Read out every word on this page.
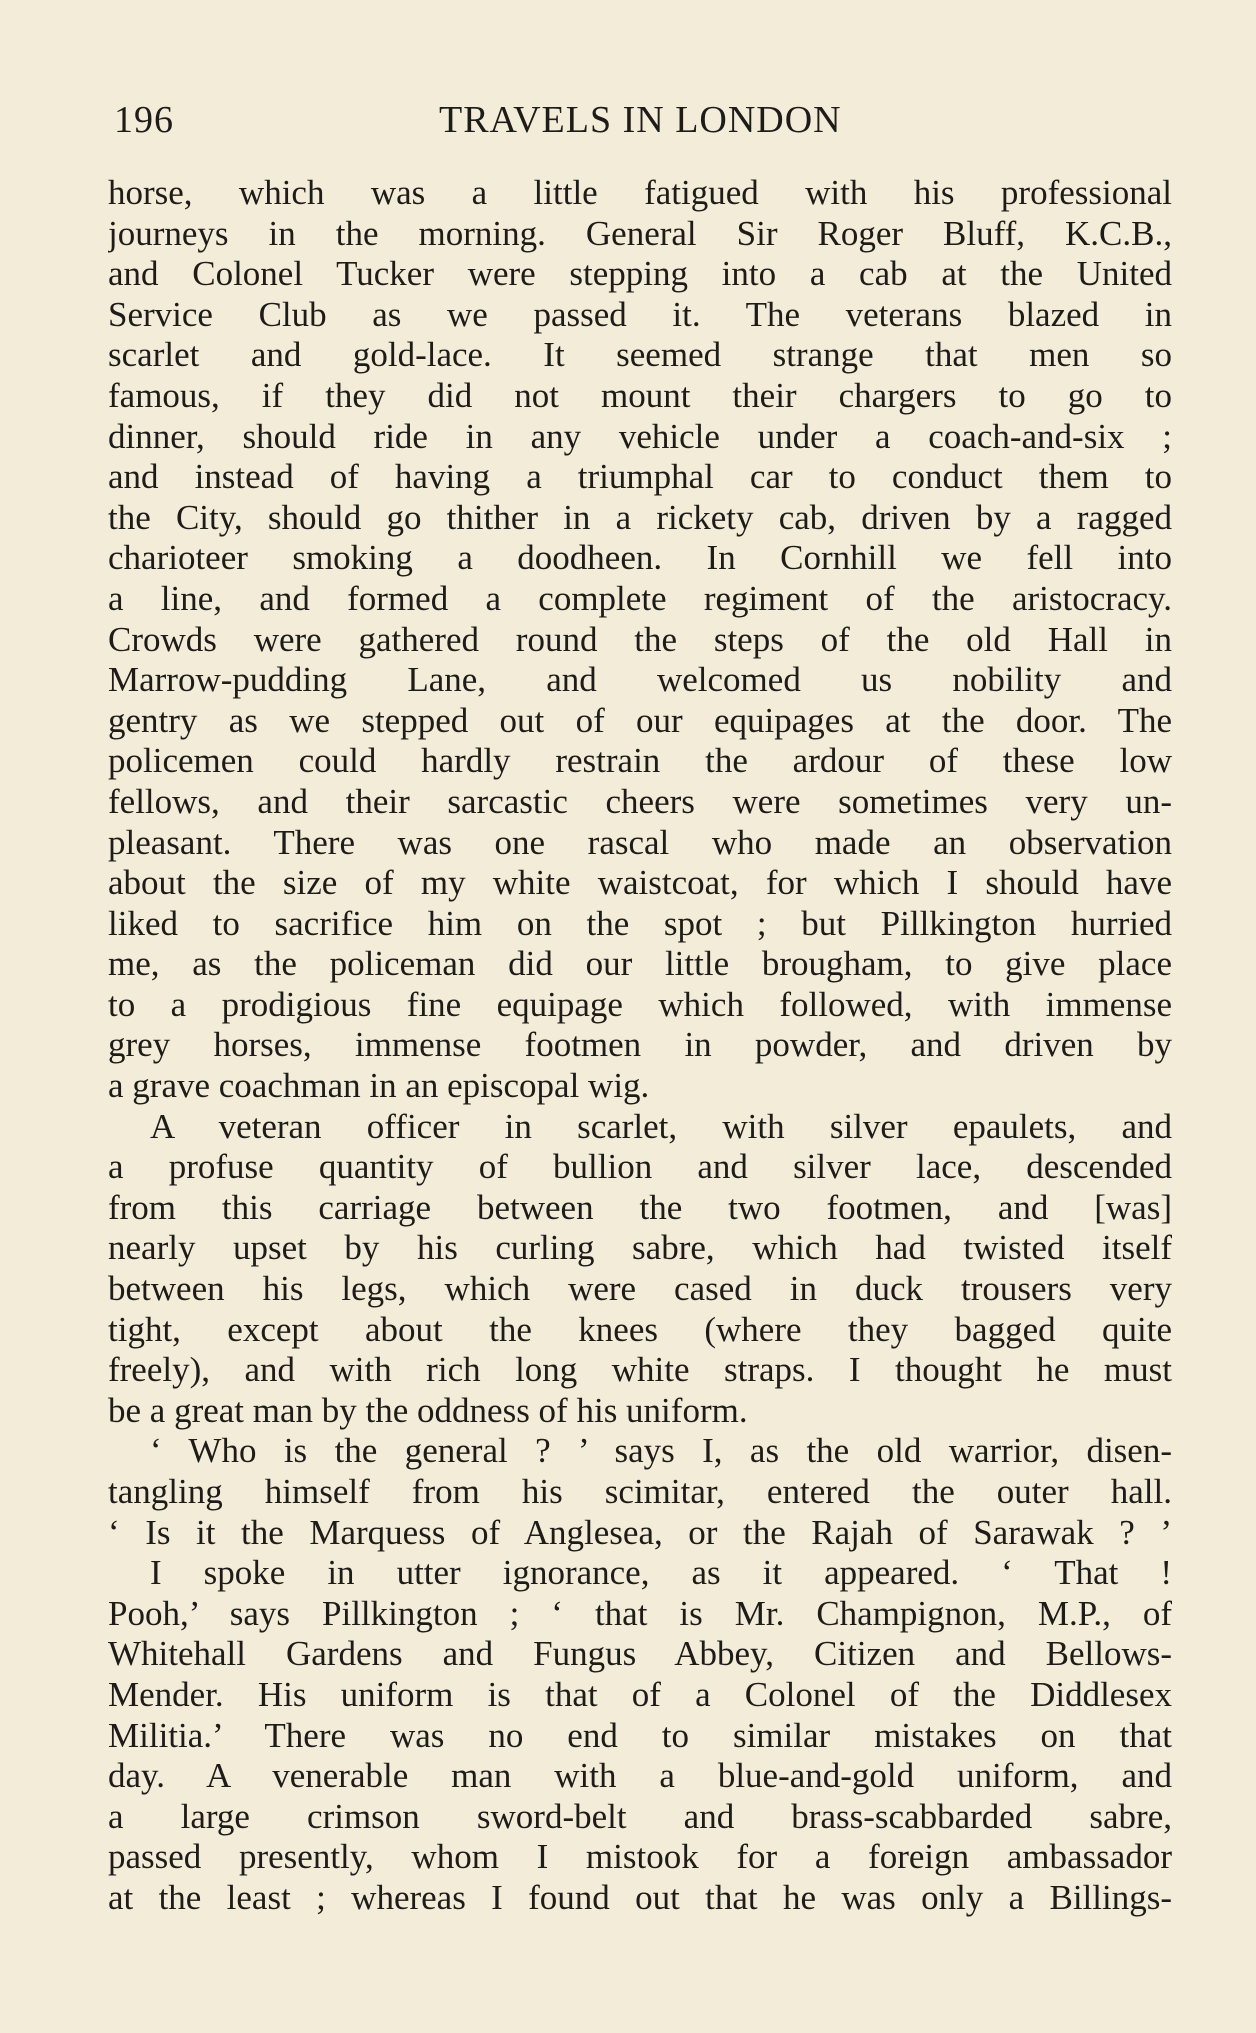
196	TRAVELS IN LONDON
horse, which was a little fatigued with his professional
journeys in the morning. General Sir Roger Bluff, K.C.B.,
and Colonel Tucker were stepping into a cab at the United
Service Club as we passed it. The veterans blazed in
scarlet and gold-lace. It seemed strange that men so
famous, if they did not mount their chargers to go to
dinner, should ride in any vehicle under a coach-and-six ;
and instead of having a triumphal car to conduct them to
the City, should go thither in a rickety cab, driven by a ragged
charioteer smoking a doodheen. In Cornhill we fell into
a line, and formed a complete regiment of the aristocracy.
Crowds were gathered round the steps of the old Hall in
Marrow-pudding Lane, and welcomed us nobility and
gentry as we stepped out of our equipages at the door. The
policemen could hardly restrain the ardour of these low
fellows, and their sarcastic cheers were sometimes very un-
pleasant. There was one rascal who made an observation
about the size of my white waistcoat, for which I should have
liked to sacrifice him on the spot ; but Pillkington hurried
me, as the policeman did our little brougham, to give place
to a prodigious fine equipage which followed, with immense
grey horses, immense footmen in powder, and driven by
a grave coachman in an episcopal wig.
A veteran officer in scarlet, with silver epaulets, and
a profuse quantity of bullion and silver lace, descended
from this carriage between the two footmen, and [was]
nearly upset by his curling sabre, which had twisted itself
between his legs, which were cased in duck trousers very
tight, except about the knees (where they bagged quite
freely), and with rich long white straps. I thought he must
be a great man by the oddness of his uniform.
‘ Who is the general ? ’ says I, as the old warrior, disen-
tangling himself from his scimitar, entered the outer hall.
‘ Is it the Marquess of Anglesea, or the Rajah of Sarawak ? ’
I spoke in utter ignorance, as it appeared. ‘ That !
Pooh,’ says Pillkington ; ‘ that is Mr. Champignon, M.P., of
Whitehall Gardens and Fungus Abbey, Citizen and Bellows-
Mender. His uniform is that of a Colonel of the Diddlesex
Militia.’ There was no end to similar mistakes on that
day. A venerable man with a blue-and-gold uniform, and
a large crimson sword-belt and brass-scabbarded sabre,
passed presently, whom I mistook for a foreign ambassador
at the least ; whereas I found out that he was only a Billings-
